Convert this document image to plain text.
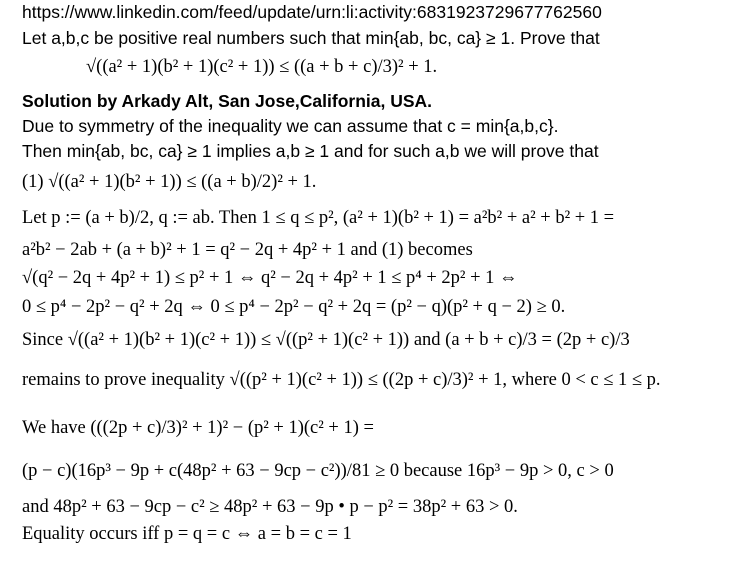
https://www.linkedin.com/feed/update/urn:li:activity:6831923729677762560
Let a,b,c be positive real numbers such that min{ab, bc, ca} ≥ 1. Prove that
√((a² + 1)(b² + 1)(c² + 1)) ≤ ((a + b + c)/3)² + 1.
Solution by Arkady Alt, San Jose,California, USA.
Due to symmetry of the inequality we can assume that c = min{a,b,c}.
Then min{ab, bc, ca} ≥ 1 implies a,b ≥ 1 and for such a,b we will prove that
(1) √((a² + 1)(b² + 1)) ≤ ((a + b)/2)² + 1.
Let p := (a + b)/2, q := ab. Then 1 ≤ q ≤ p², (a² + 1)(b² + 1) = a²b² + a² + b² + 1 =
a²b² − 2ab + (a + b)² + 1 = q² − 2q + 4p² + 1 and (1) becomes
√(q² − 2q + 4p² + 1) ≤ p² + 1 ⇔ q² − 2q + 4p² + 1 ≤ p⁴ + 2p² + 1 ⇔
0 ≤ p⁴ − 2p² − q² + 2q ⇔ 0 ≤ p⁴ − 2p² − q² + 2q = (p² − q)(p² + q − 2) ≥ 0.
Since √((a² + 1)(b² + 1)(c² + 1)) ≤ √((p² + 1)(c² + 1)) and (a + b + c)/3 = (2p + c)/3
remains to prove inequality √((p² + 1)(c² + 1)) ≤ ((2p + c)/3)² + 1, where 0 < c ≤ 1 ≤ p.
We have (((2p + c)/3)² + 1)² − (p² + 1)(c² + 1) =
(p − c)(16p³ − 9p + c(48p² + 63 − 9cp − c²))/81 ≥ 0 because 16p³ − 9p > 0, c > 0
and 48p² + 63 − 9cp − c² ≥ 48p² + 63 − 9p • p − p² = 38p² + 63 > 0.
Equality occurs iff p = q = c ⇔ a = b = c = 1
